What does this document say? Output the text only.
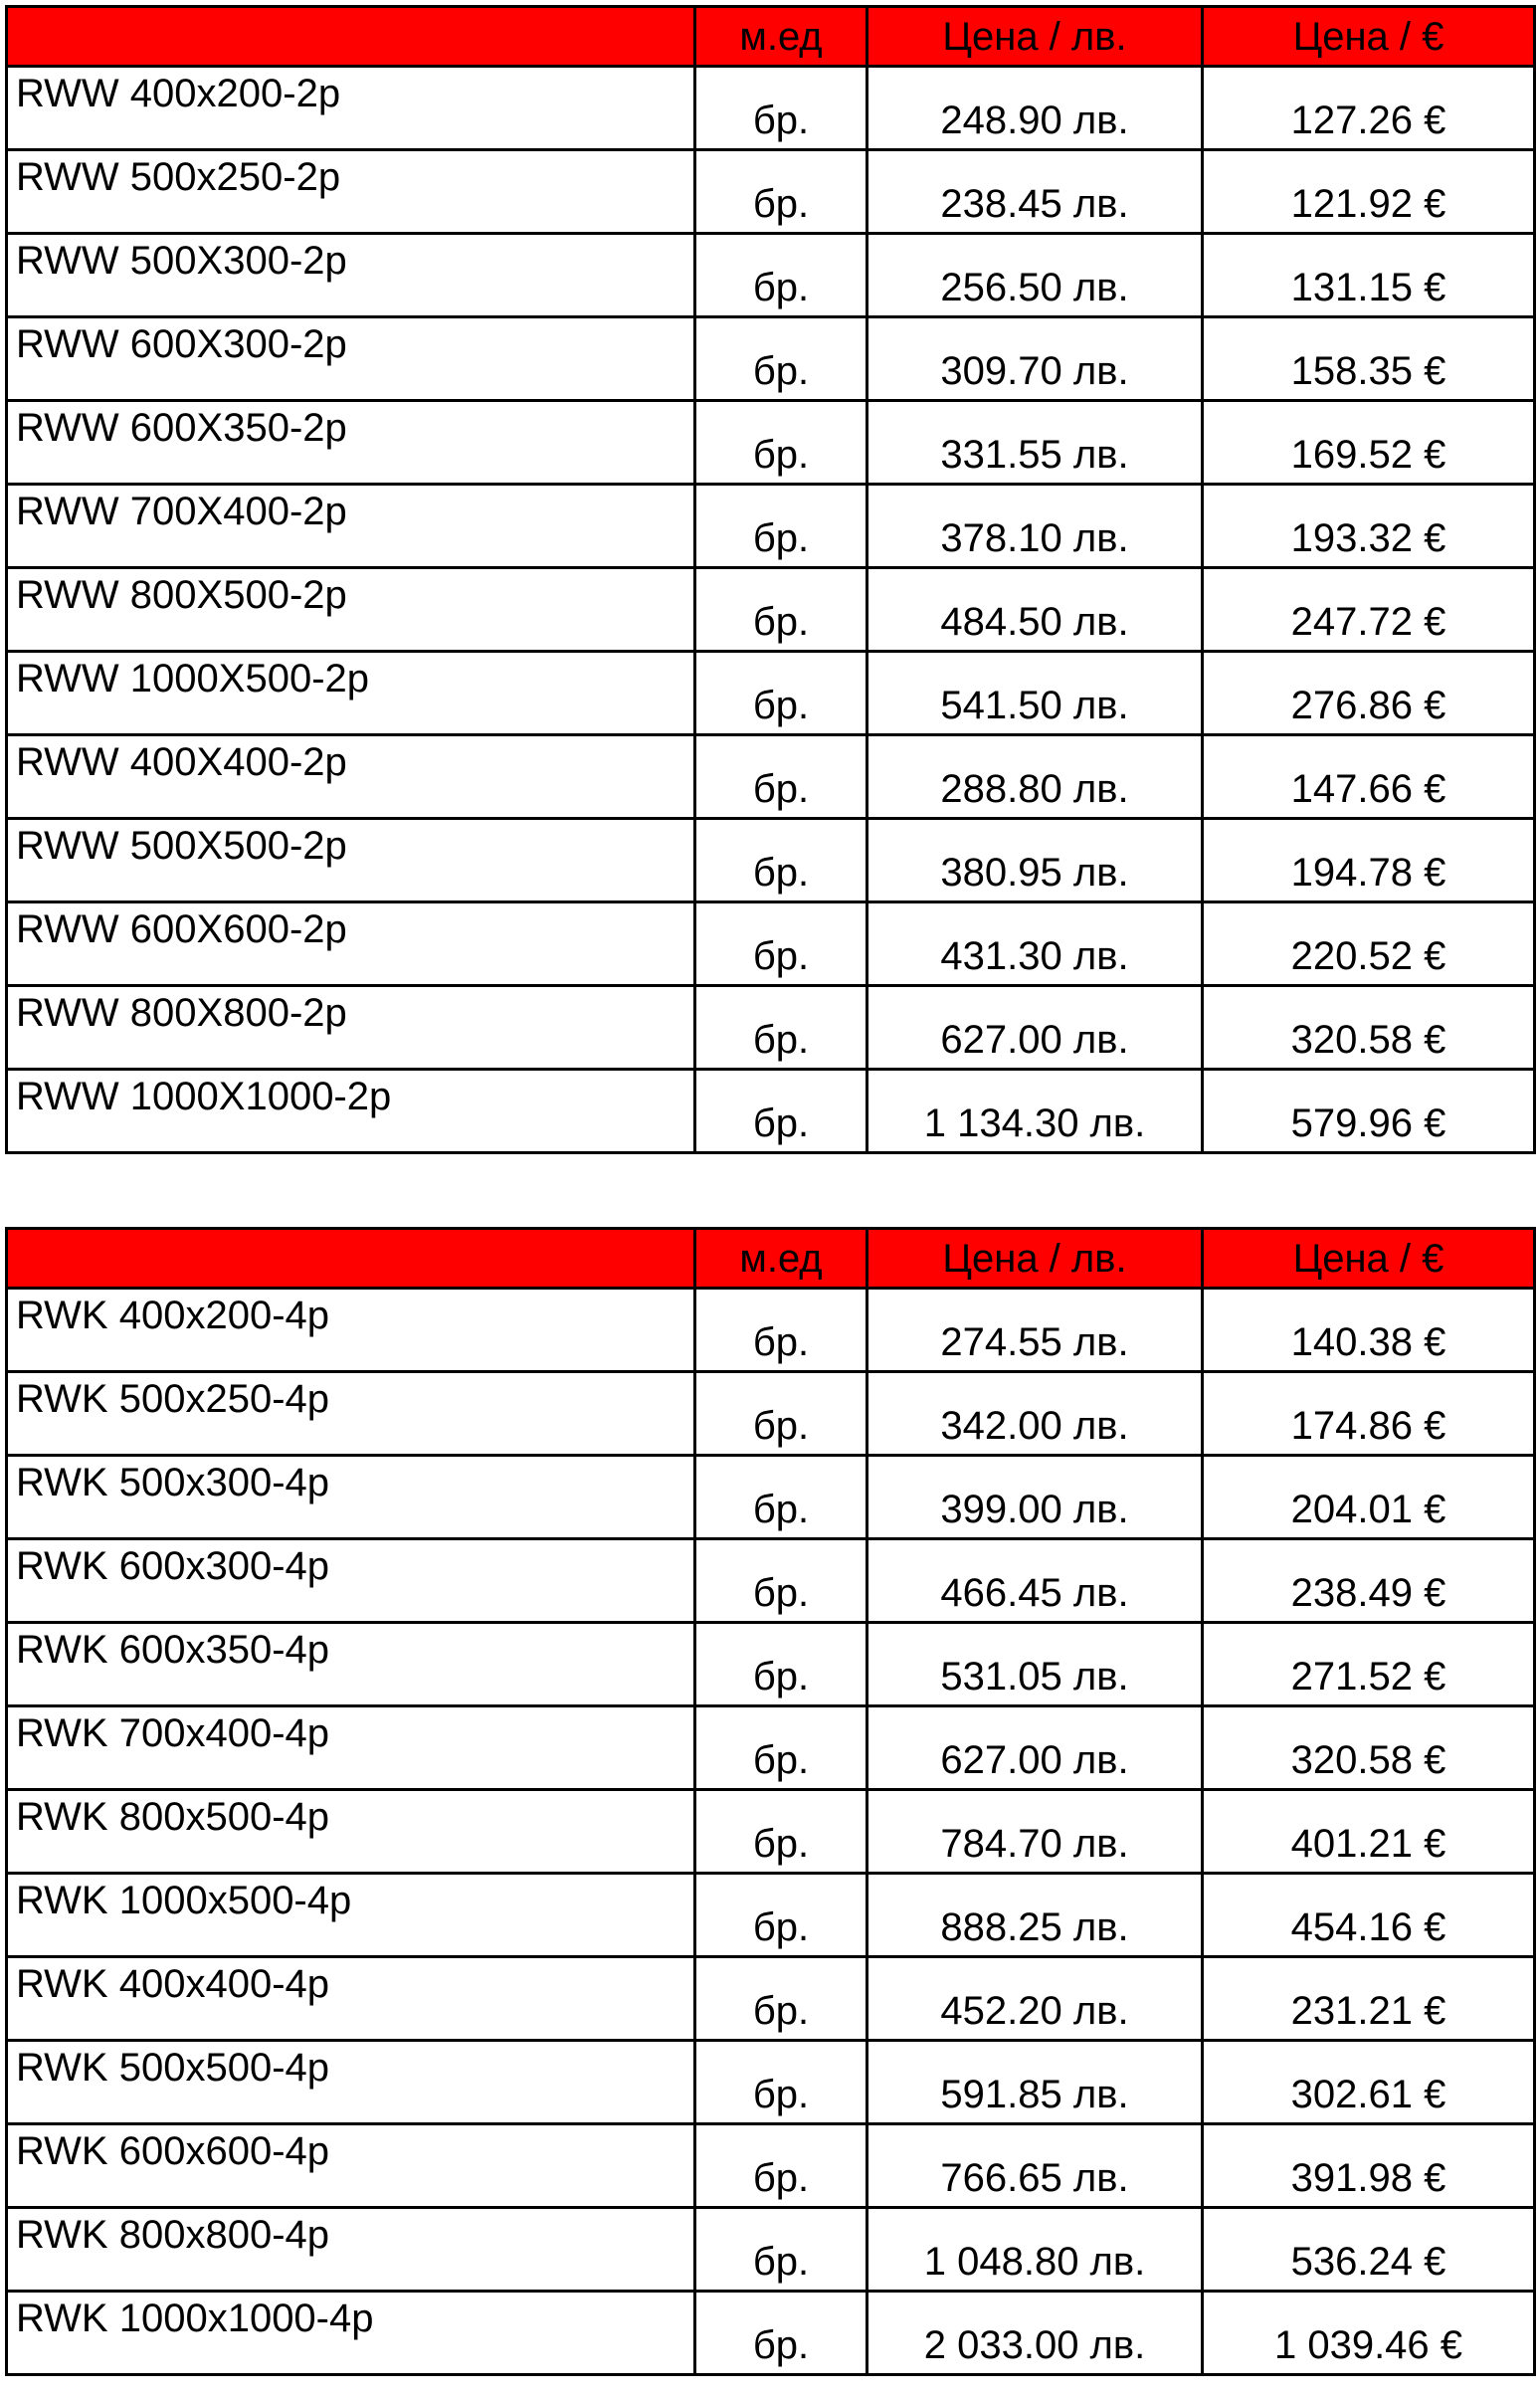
	м.ед	Цена / лв.	Цена / €
RWW 400x200-2p	бр.	248.90 лв.	127.26 €
RWW 500x250-2p	бр.	238.45 лв.	121.92 €
RWW 500X300-2p	бр.	256.50 лв.	131.15 €
RWW 600X300-2p	бр.	309.70 лв.	158.35 €
RWW 600X350-2p	бр.	331.55 лв.	169.52 €
RWW 700X400-2p	бр.	378.10 лв.	193.32 €
RWW 800X500-2p	бр.	484.50 лв.	247.72 €
RWW 1000X500-2p	бр.	541.50 лв.	276.86 €
RWW 400X400-2p	бр.	288.80 лв.	147.66 €
RWW 500X500-2p	бр.	380.95 лв.	194.78 €
RWW 600X600-2p	бр.	431.30 лв.	220.52 €
RWW 800X800-2p	бр.	627.00 лв.	320.58 €
RWW 1000X1000-2p	бр.	1 134.30 лв.	579.96 €
	м.ед	Цена / лв.	Цена / €
RWK 400x200-4p	бр.	274.55 лв.	140.38 €
RWK 500x250-4p	бр.	342.00 лв.	174.86 €
RWK 500x300-4p	бр.	399.00 лв.	204.01 €
RWK 600x300-4p	бр.	466.45 лв.	238.49 €
RWK 600x350-4p	бр.	531.05 лв.	271.52 €
RWK 700x400-4p	бр.	627.00 лв.	320.58 €
RWK 800x500-4p	бр.	784.70 лв.	401.21 €
RWK 1000x500-4p	бр.	888.25 лв.	454.16 €
RWK 400x400-4p	бр.	452.20 лв.	231.21 €
RWK 500x500-4p	бр.	591.85 лв.	302.61 €
RWK 600x600-4p	бр.	766.65 лв.	391.98 €
RWK 800x800-4p	бр.	1 048.80 лв.	536.24 €
RWK 1000x1000-4p	бр.	2 033.00 лв.	1 039.46 €
